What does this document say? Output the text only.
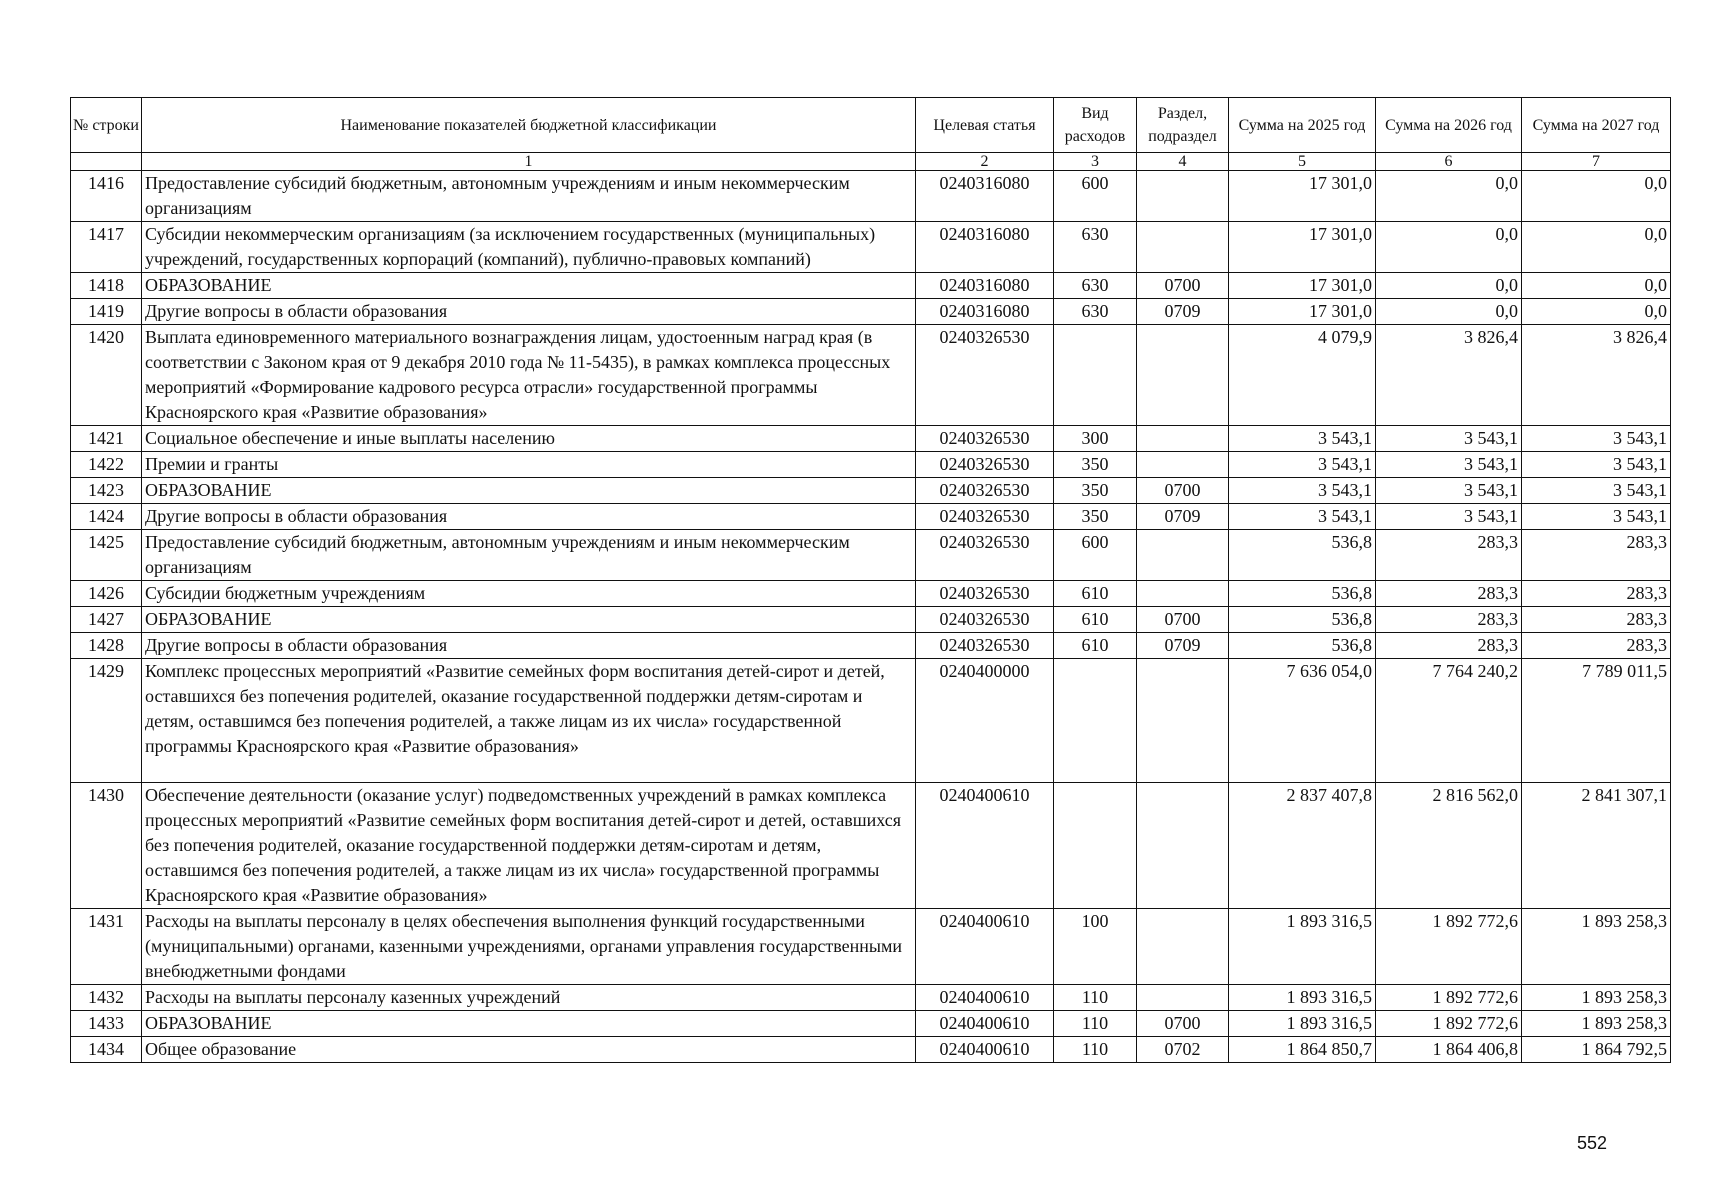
№ строки	Наименование показателей бюджетной классификации	Целевая статья	Вид расходов	Раздел, подраздел	Сумма на 2025 год	Сумма на 2026 год	Сумма на 2027 год
	1	2	3	4	5	6	7
1416	Предоставление субсидий бюджетным, автономным учреждениям и иным некоммерческим организациям	0240316080	600		17 301,0	0,0	0,0
1417	Субсидии некоммерческим организациям (за исключением государственных (муниципальных) учреждений, государственных корпораций (компаний), публично-правовых компаний)	0240316080	630		17 301,0	0,0	0,0
1418	ОБРАЗОВАНИЕ	0240316080	630	0700	17 301,0	0,0	0,0
1419	Другие вопросы в области образования	0240316080	630	0709	17 301,0	0,0	0,0
1420	Выплата единовременного материального вознаграждения лицам, удостоенным наград края (в соответствии с Законом края от 9 декабря 2010 года № 11-5435), в рамках комплекса процессных мероприятий «Формирование кадрового ресурса отрасли» государственной программы Красноярского края «Развитие образования»	0240326530			4 079,9	3 826,4	3 826,4
1421	Социальное обеспечение и иные выплаты населению	0240326530	300		3 543,1	3 543,1	3 543,1
1422	Премии и гранты	0240326530	350		3 543,1	3 543,1	3 543,1
1423	ОБРАЗОВАНИЕ	0240326530	350	0700	3 543,1	3 543,1	3 543,1
1424	Другие вопросы в области образования	0240326530	350	0709	3 543,1	3 543,1	3 543,1
1425	Предоставление субсидий бюджетным, автономным учреждениям и иным некоммерческим организациям	0240326530	600		536,8	283,3	283,3
1426	Субсидии бюджетным учреждениям	0240326530	610		536,8	283,3	283,3
1427	ОБРАЗОВАНИЕ	0240326530	610	0700	536,8	283,3	283,3
1428	Другие вопросы в области образования	0240326530	610	0709	536,8	283,3	283,3
1429	Комплекс процессных мероприятий «Развитие семейных форм воспитания детей-сирот и детей, оставшихся без попечения родителей, оказание государственной поддержки детям-сиротам и детям, оставшимся без попечения родителей, а также лицам из их числа» государственной программы Красноярского края «Развитие образования»	0240400000			7 636 054,0	7 764 240,2	7 789 011,5
1430	Обеспечение деятельности (оказание услуг) подведомственных учреждений в рамках комплекса процессных мероприятий «Развитие семейных форм воспитания детей-сирот и детей, оставшихся без попечения родителей, оказание государственной поддержки детям-сиротам и детям, оставшимся без попечения родителей, а также лицам из их числа» государственной программы Красноярского края «Развитие образования»	0240400610			2 837 407,8	2 816 562,0	2 841 307,1
1431	Расходы на выплаты персоналу в целях обеспечения выполнения функций государственными (муниципальными) органами, казенными учреждениями, органами управления государственными внебюджетными фондами	0240400610	100		1 893 316,5	1 892 772,6	1 893 258,3
1432	Расходы на выплаты персоналу казенных учреждений	0240400610	110		1 893 316,5	1 892 772,6	1 893 258,3
1433	ОБРАЗОВАНИЕ	0240400610	110	0700	1 893 316,5	1 892 772,6	1 893 258,3
1434	Общее образование	0240400610	110	0702	1 864 850,7	1 864 406,8	1 864 792,5
552
